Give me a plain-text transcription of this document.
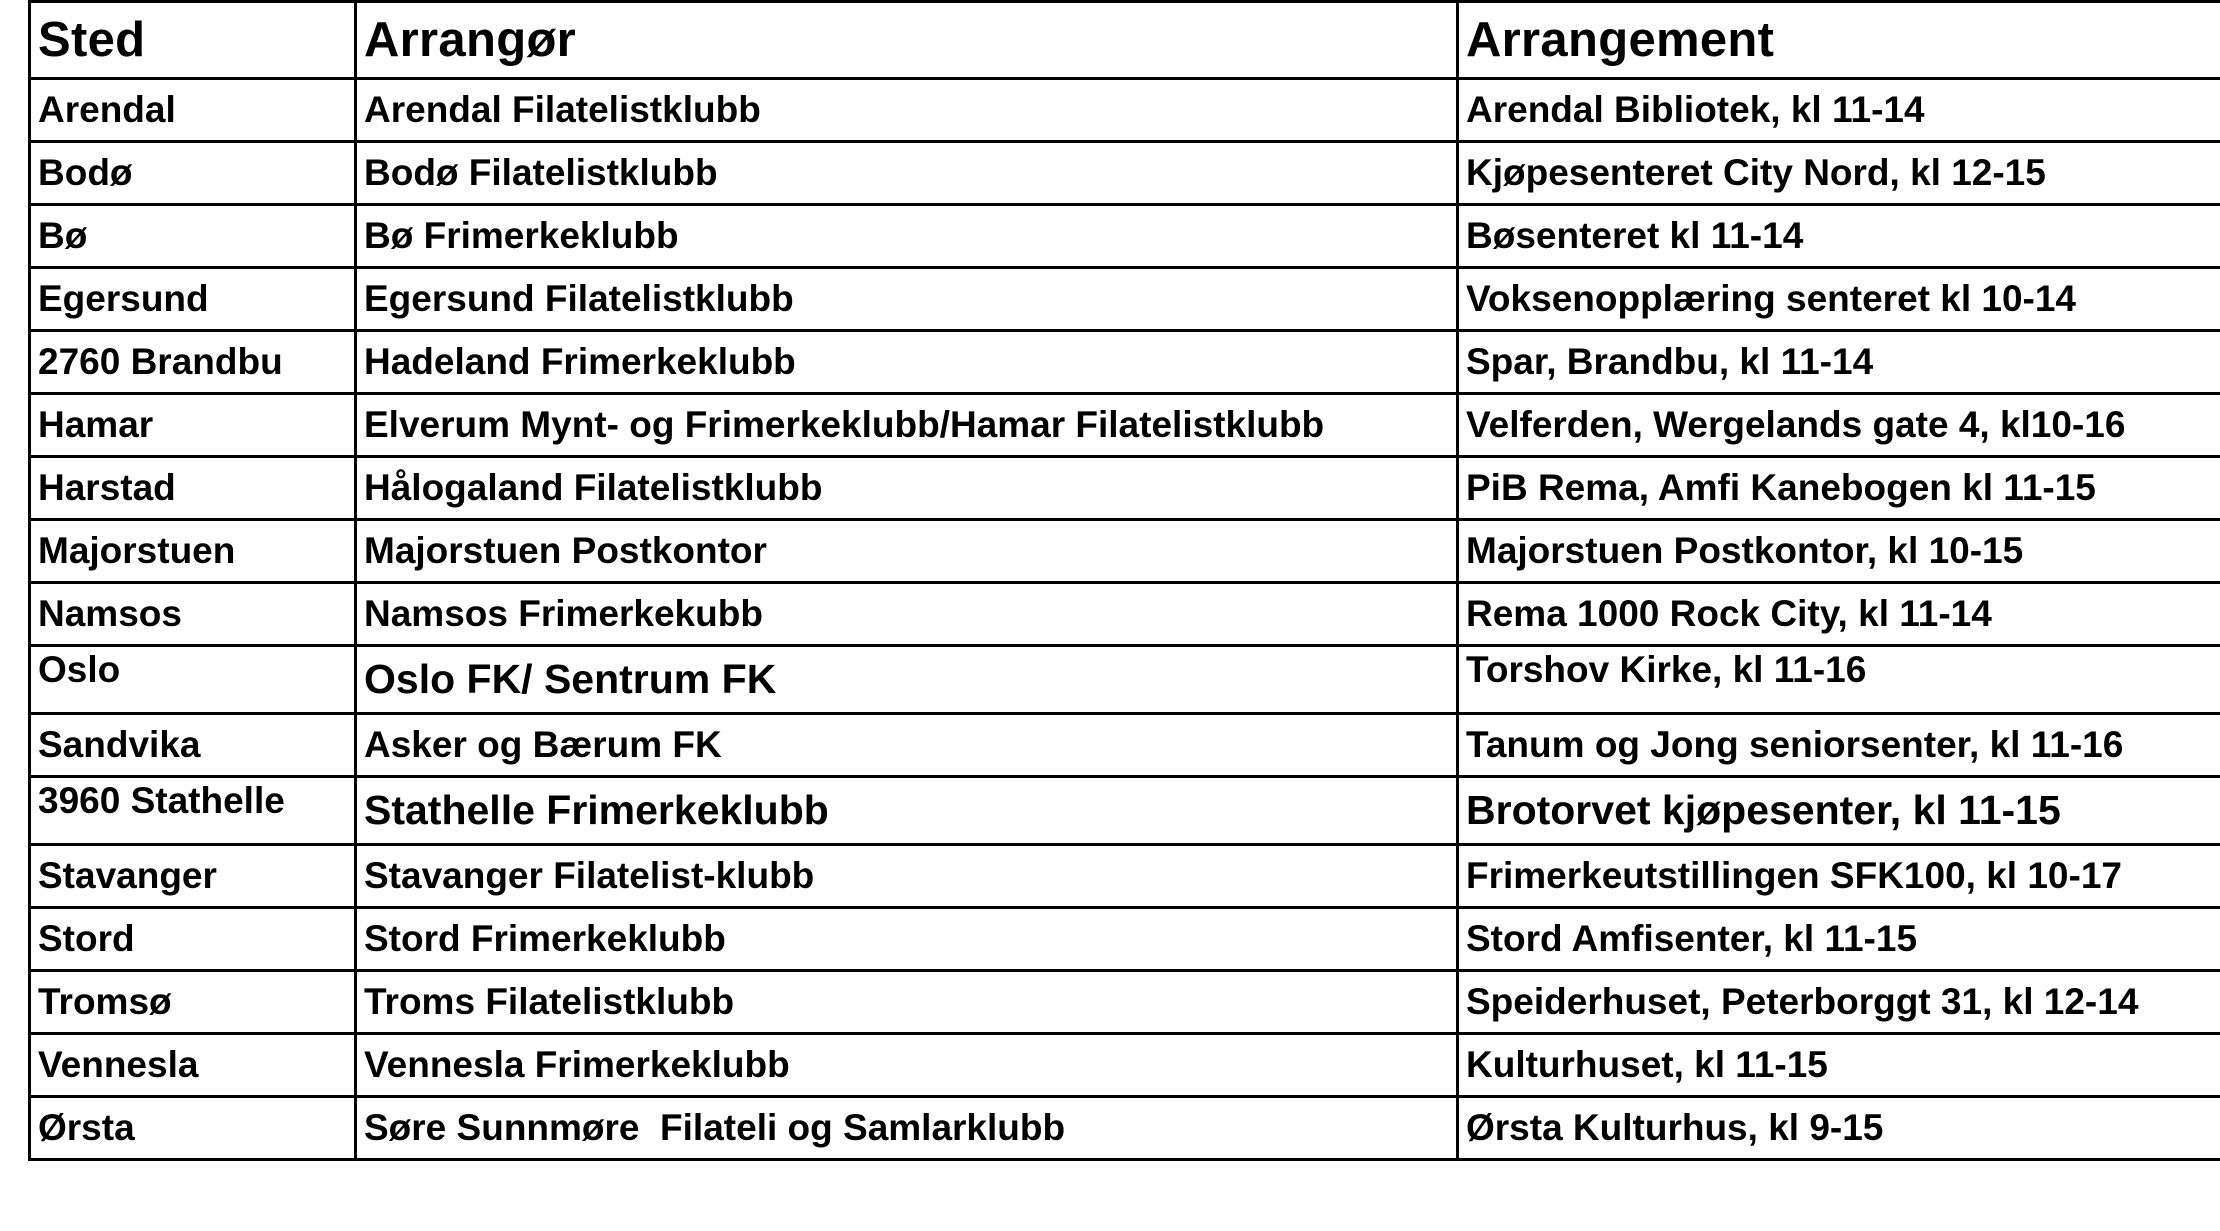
Sted	Arrangør	Arrangement
Arendal	Arendal Filatelistklubb	Arendal Bibliotek, kl 11-14
Bodø	Bodø Filatelistklubb	Kjøpesenteret City Nord, kl 12-15
Bø	Bø Frimerkeklubb	Bøsenteret kl 11-14
Egersund	Egersund Filatelistklubb	Voksenopplæring senteret kl 10-14
2760 Brandbu	Hadeland Frimerkeklubb	Spar, Brandbu, kl 11-14
Hamar	Elverum Mynt- og Frimerkeklubb/Hamar Filatelistklubb	Velferden, Wergelands gate 4, kl10-16
Harstad	Hålogaland Filatelistklubb	PiB Rema, Amfi Kanebogen kl 11-15
Majorstuen	Majorstuen Postkontor	Majorstuen Postkontor, kl 10-15
Namsos	Namsos Frimerkekubb	Rema 1000 Rock City, kl 11-14
Oslo	Oslo FK/ Sentrum FK	Torshov Kirke, kl 11-16
Sandvika	Asker og Bærum FK	Tanum og Jong seniorsenter, kl 11-16
3960 Stathelle	Stathelle Frimerkeklubb	Brotorvet kjøpesenter, kl 11-15
Stavanger	Stavanger Filatelist-klubb	Frimerkeutstillingen SFK100, kl 10-17
Stord	Stord Frimerkeklubb	Stord Amfisenter, kl 11-15
Tromsø	Troms Filatelistklubb	Speiderhuset, Peterborggt 31, kl 12-14
Vennesla	Vennesla Frimerkeklubb	Kulturhuset, kl 11-15
Ørsta	Søre Sunnmøre  Filateli og Samlarklubb	Ørsta Kulturhus, kl 9-15
